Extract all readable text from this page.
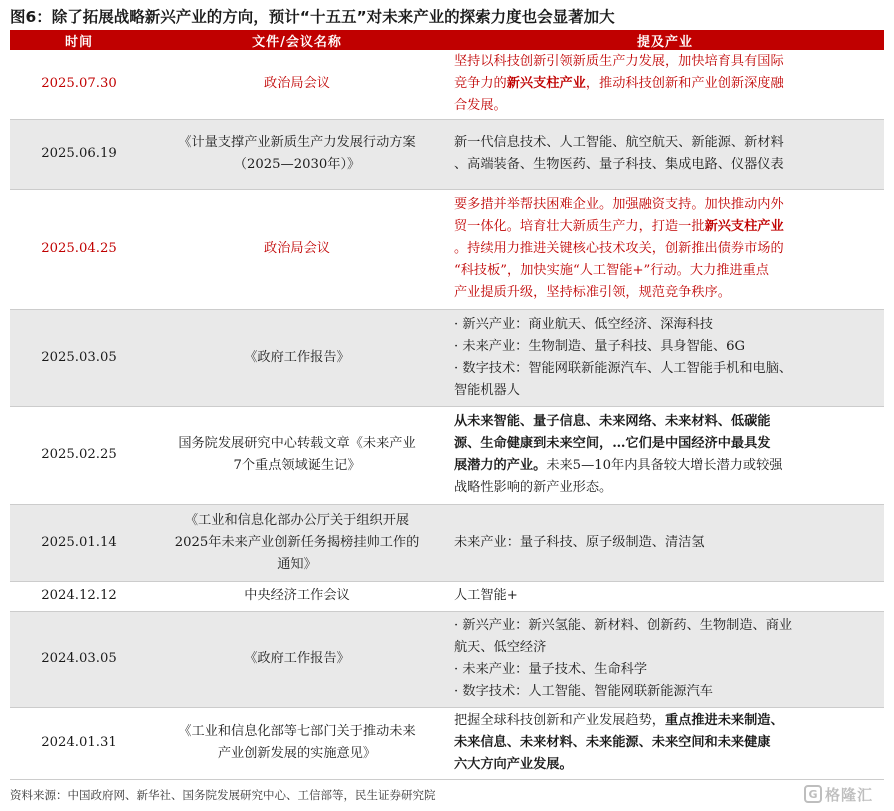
图6：除了拓展战略新兴产业的方向，预计“十五五”对未来产业的探索力度也会显著加大
时间	文件/会议名称	提及产业
2025.07.30	政治局会议	坚持以科技创新引领新质生产力发展，加快培育具有国际
竞争力的新兴支柱产业，推动科技创新和产业创新深度融
合发展。

2025.06.19	《计量支撑产业新质生产力发展行动方案
（2025—2030年）》	新一代信息技术、人工智能、航空航天、新能源、新材料
、高端装备、生物医药、量子科技、集成电路、仪器仪表

2025.04.25	政治局会议	要多措并举帮扶困难企业。加强融资支持。加快推动内外
贸一体化。培育壮大新质生产力，打造一批新兴支柱产业
。持续用力推进关键核心技术攻关，创新推出债券市场的
“科技板”，加快实施“人工智能+”行动。大力推进重点
产业提质升级，坚持标准引领，规范竞争秩序。

2025.03.05	《政府工作报告》	· 新兴产业：商业航天、低空经济、深海科技
· 未来产业：生物制造、量子科技、具身智能、6G
· 数字技术：智能网联新能源汽车、人工智能手机和电脑、
智能机器人

2025.02.25	国务院发展研究中心转载文章《未来产业
7个重点领域诞生记》	从未来智能、量子信息、未来网络、未来材料、低碳能
源、生命健康到未来空间，…它们是中国经济中最具发
展潜力的产业。未来5—10年内具备较大增长潜力或较强
战略性影响的新产业形态。

2025.01.14	《工业和信息化部办公厅关于组织开展
2025年未来产业创新任务揭榜挂帅工作的
通知》	未来产业：量子科技、原子级制造、清洁氢

2024.12.12	中央经济工作会议	人工智能+

2024.03.05	《政府工作报告》	· 新兴产业：新兴氢能、新材料、创新药、生物制造、商业
航天、低空经济
· 未来产业：量子技术、生命科学
· 数字技术：人工智能、智能网联新能源汽车

2024.01.31	《工业和信息化部等七部门关于推动未来
产业创新发展的实施意见》	把握全球科技创新和产业发展趋势，重点推进未来制造、
未来信息、未来材料、未来能源、未来空间和未来健康
六大方向产业发展。
资料来源：中国政府网、新华社、国务院发展研究中心、工信部等，民生证券研究院	G 格隆汇
